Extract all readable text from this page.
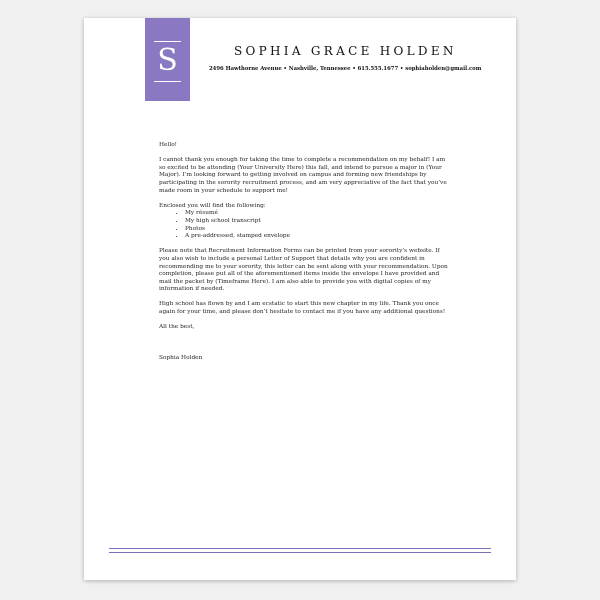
S	SOPHIA GRACE HOLDEN
2496 Hawthorne Avenue • Nashville, Tennessee • 615.555.1677 • sophiaholden@gmail.com

Hello!

I cannot thank you enough for taking the time to complete a recommendation on my behalf! I am so excited to be attending (Your University Here) this fall, and intend to pursue a major in (Your Major). I’m looking forward to getting involved on campus and forming new friendships by participating in the sorority recruitment process, and am very appreciative of the fact that you’ve made room in your schedule to support me!

Enclosed you will find the following:
• My résumé
• My high school transcript
• Photos
• A pre-addressed, stamped envelope

Please note that Recruitment Information Forms can be printed from your sorority’s website. If you also wish to include a personal Letter of Support that details why you are confident in recommending me to your sorority, this letter can be sent along with your recommendation. Upon completion, please put all of the aforementioned items inside the envelope I have provided and mail the packet by (Timeframe Here). I am also able to provide you with digital copies of my information if needed.

High school has flown by and I am ecstatic to start this new chapter in my life. Thank you once again for your time, and please don’t hesitate to contact me if you have any additional questions!

All the best,

Sophia Holden
